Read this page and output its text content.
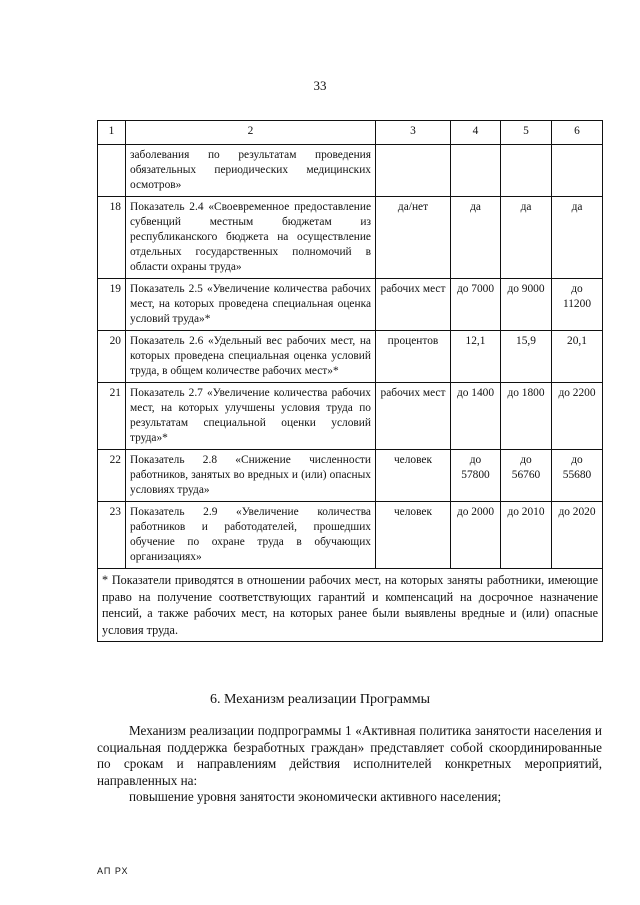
33
1	2	3	4	5	6
	заболевания по результатам проведения обязательных периодических медицинских осмотров»				
18	Показатель 2.4 «Своевременное предоставление субвенций местным бюджетам из республиканского бюджета на осуществление отдельных государственных полномочий в области охраны труда»	да/нет	да	да	да
19	Показатель 2.5 «Увеличение количества рабочих мест, на которых проведена специальная оценка условий труда»*	рабочих мест	до 7000	до 9000	до 11200
20	Показатель 2.6 «Удельный вес рабочих мест, на которых проведена специальная оценка условий труда, в общем количестве рабочих мест»*	процентов	12,1	15,9	20,1
21	Показатель 2.7 «Увеличение количества рабочих мест, на которых улучшены условия труда по результатам специальной оценки условий труда»*	рабочих мест	до 1400	до 1800	до 2200
22	Показатель 2.8 «Снижение численности работников, занятых во вредных и (или) опасных условиях труда»	человек	до 57800	до 56760	до 55680
23	Показатель 2.9 «Увеличение количества работников и работодателей, прошедших обучение по охране труда в обучающих организациях»	человек	до 2000	до 2010	до 2020
* Показатели приводятся в отношении рабочих мест, на которых заняты работники, имеющие право на получение соответствующих гарантий и компенсаций на досрочное назначение пенсий, а также рабочих мест, на которых ранее были выявлены вредные и (или) опасные условия труда.					
6. Механизм реализации Программы

Механизм реализации подпрограммы 1 «Активная политика занятости населения и социальная поддержка безработных граждан» представляет собой скоординированные по срокам и направлениям действия исполнителей конкретных мероприятий, направленных на:

повышение уровня занятости экономически активного населения;

АП РХ
